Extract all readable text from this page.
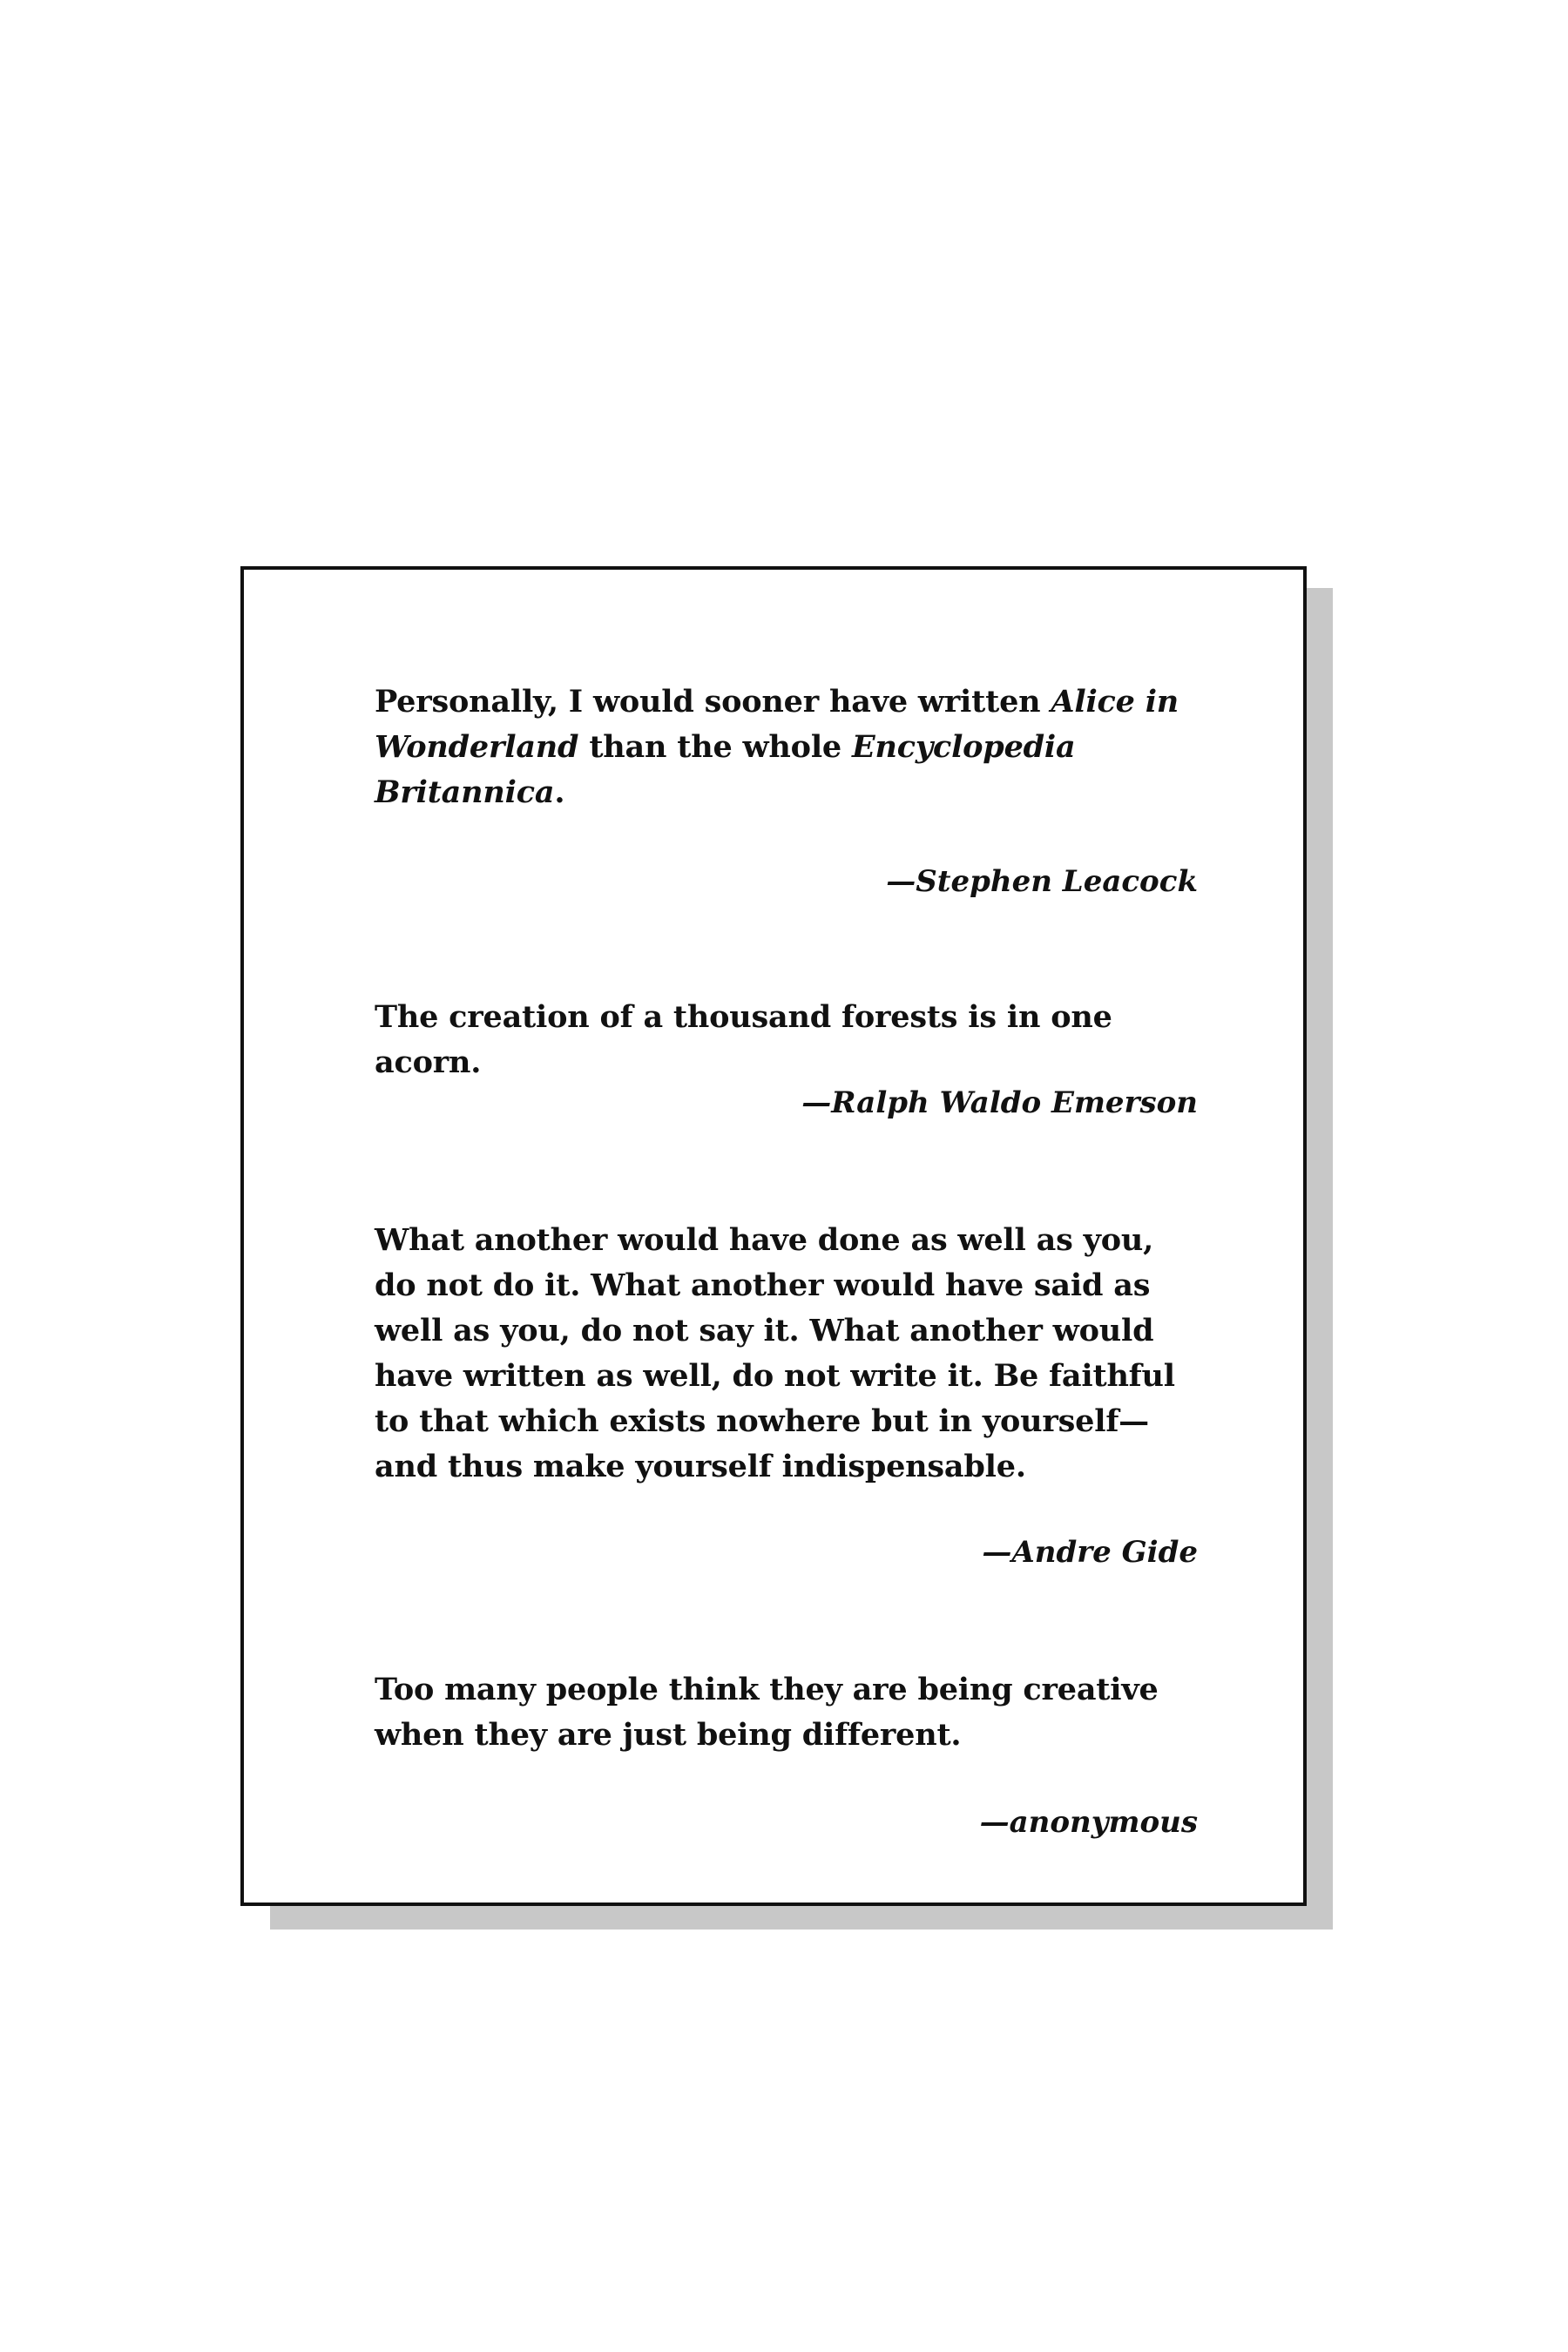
Personally, I would sooner have written Alice in Wonderland than the whole Encyclopedia Britannica.

—Stephen Leacock

The creation of a thousand forests is in one acorn.

—Ralph Waldo Emerson

What another would have done as well as you, do not do it. What another would have said as well as you, do not say it. What another would have written as well, do not write it. Be faithful to that which exists nowhere but in yourself—and thus make yourself indispensable.

—Andre Gide

Too many people think they are being creative when they are just being different.

—anonymous
